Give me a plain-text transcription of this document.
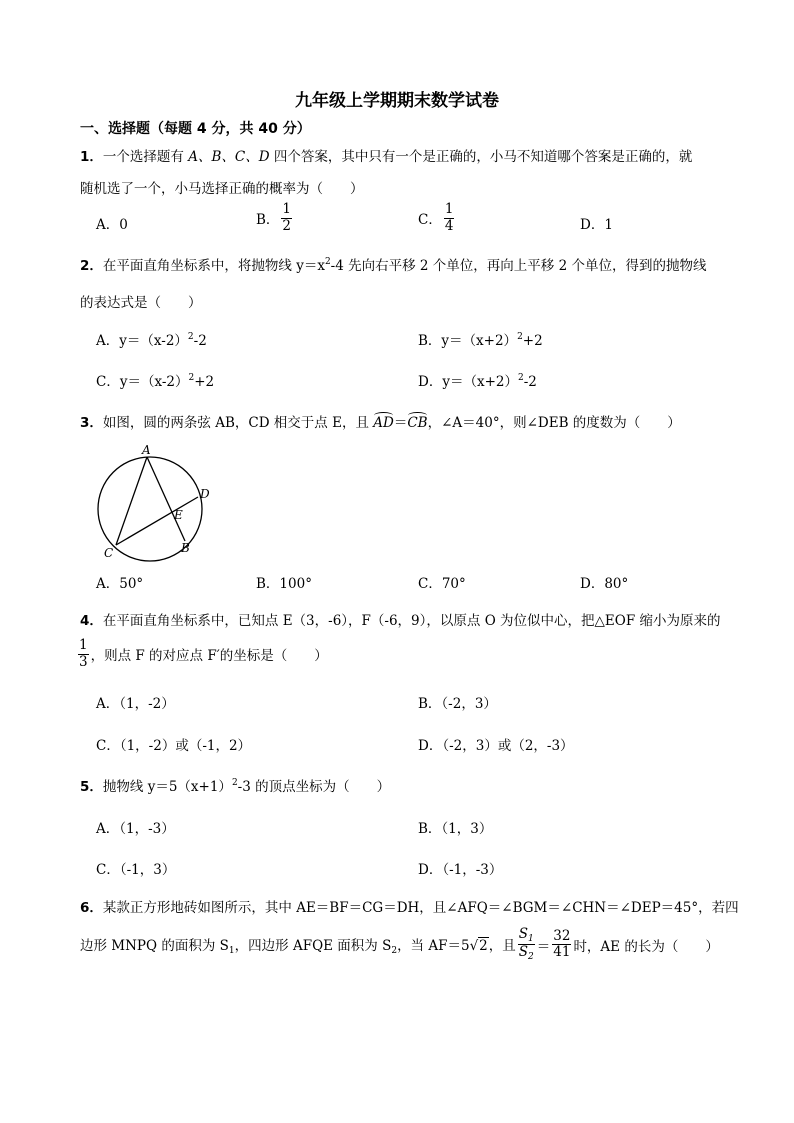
九年级上学期期末数学试卷
一、选择题（每题 4 分，共 40 分）
1．一个选择题有 A、B、C、D 四个答案，其中只有一个是正确的，小马不知道哪个答案是正确的，就
随机选了一个，小马选择正确的概率为（　　）
A．0	B． $\frac{1}{2}$	C． $\frac{1}{4}$	D．1
2．在平面直角坐标系中，将抛物线 $y=x^2-4$ 先向右平移 2 个单位，再向上平移 2 个单位，得到的抛物线
的表达式是（　　）
A．$y=(x-2)^2-2$	B．$y=(x+2)^2+2$
C．$y=(x-2)^2+2$	D．$y=(x+2)^2-2$
3．如图，圆的两条弦 AB，CD 相交于点 E，且 AD＝CB，∠A＝40°，则∠DEB 的度数为（　　）
A
D
E
B
C
A．50°	B．100°	C．70°	D．80°
4．在平面直角坐标系中，已知点 E（3，-6），F（-6，9），以原点 O 为位似中心，把△EOF 缩小为原来的
$\frac{1}{3}$ ，则点 F 的对应点 F′的坐标是（　　）
A．（1，-2）	B．（-2，3）
C．（1，-2）或（-1，2）	D．（-2，3）或（2，-3）
5．抛物线 $y=5(x+1)^2-3$ 的顶点坐标为（　　）
A．（1，-3）	B．（1，3）
C．（-1，3）	D．（-1，-3）
6．某款正方形地砖如图所示，其中 AE＝BF＝CG＝DH，且∠AFQ＝∠BGM＝∠CHN＝∠DEP＝45°，若四
边形 MNPQ 的面积为 $S_1$，四边形 AFQE 面积为 $S_2$，当 AF＝5√2，且 $\frac{S_1}{S_2} = \frac{32}{41}$ 时，AE 的长为（　　）
